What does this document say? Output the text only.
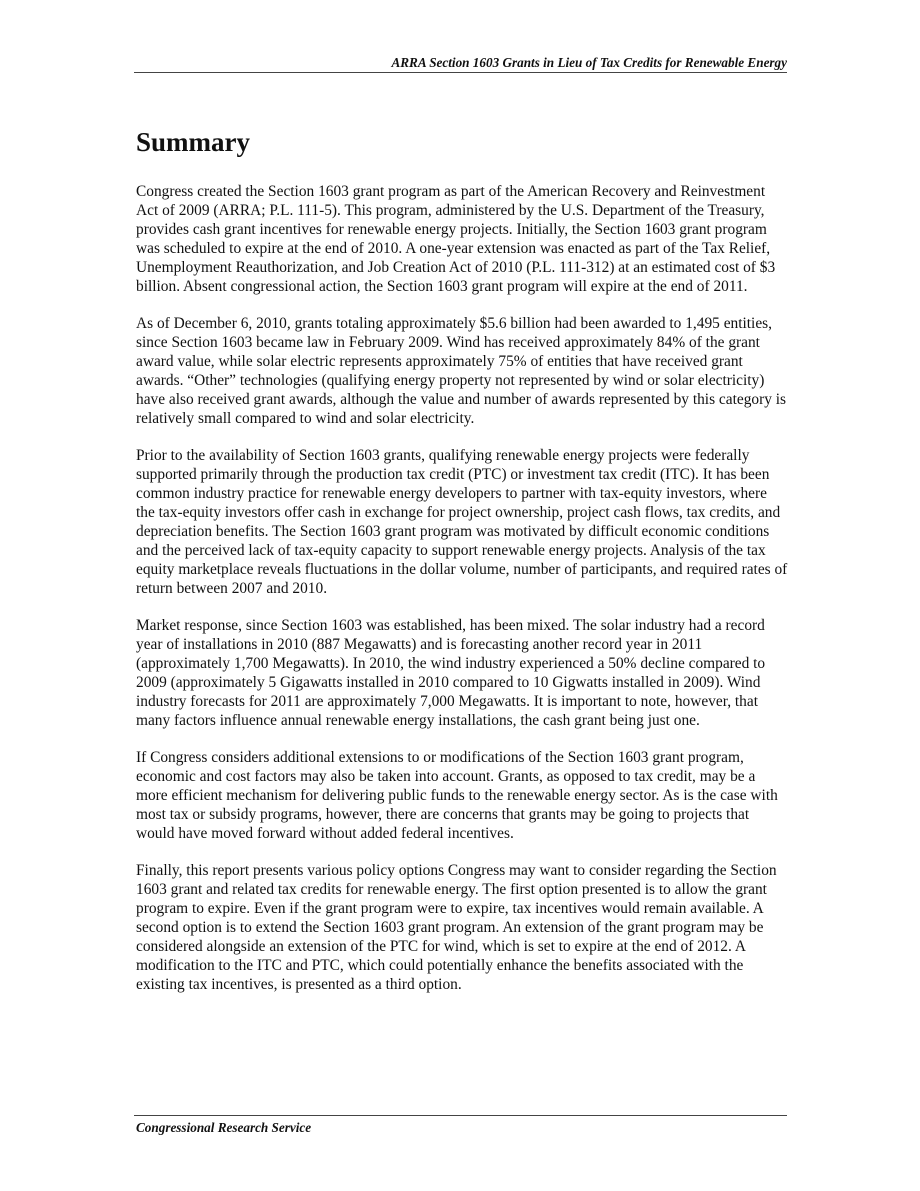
ARRA Section 1603 Grants in Lieu of Tax Credits for Renewable Energy
Summary

Congress created the Section 1603 grant program as part of the American Recovery and Reinvestment Act of 2009 (ARRA; P.L. 111-5). This program, administered by the U.S. Department of the Treasury, provides cash grant incentives for renewable energy projects. Initially, the Section 1603 grant program was scheduled to expire at the end of 2010. A one-year extension was enacted as part of the Tax Relief, Unemployment Reauthorization, and Job Creation Act of 2010 (P.L. 111-312) at an estimated cost of $3 billion. Absent congressional action, the Section 1603 grant program will expire at the end of 2011.

As of December 6, 2010, grants totaling approximately $5.6 billion had been awarded to 1,495 entities, since Section 1603 became law in February 2009. Wind has received approximately 84% of the grant award value, while solar electric represents approximately 75% of entities that have received grant awards. “Other” technologies (qualifying energy property not represented by wind or solar electricity) have also received grant awards, although the value and number of awards represented by this category is relatively small compared to wind and solar electricity.

Prior to the availability of Section 1603 grants, qualifying renewable energy projects were federally supported primarily through the production tax credit (PTC) or investment tax credit (ITC). It has been common industry practice for renewable energy developers to partner with tax-equity investors, where the tax-equity investors offer cash in exchange for project ownership, project cash flows, tax credits, and depreciation benefits. The Section 1603 grant program was motivated by difficult economic conditions and the perceived lack of tax-equity capacity to support renewable energy projects. Analysis of the tax equity marketplace reveals fluctuations in the dollar volume, number of participants, and required rates of return between 2007 and 2010.

Market response, since Section 1603 was established, has been mixed. The solar industry had a record year of installations in 2010 (887 Megawatts) and is forecasting another record year in 2011 (approximately 1,700 Megawatts). In 2010, the wind industry experienced a 50% decline compared to 2009 (approximately 5 Gigawatts installed in 2010 compared to 10 Gigwatts installed in 2009). Wind industry forecasts for 2011 are approximately 7,000 Megawatts. It is important to note, however, that many factors influence annual renewable energy installations, the cash grant being just one.

If Congress considers additional extensions to or modifications of the Section 1603 grant program, economic and cost factors may also be taken into account. Grants, as opposed to tax credit, may be a more efficient mechanism for delivering public funds to the renewable energy sector. As is the case with most tax or subsidy programs, however, there are concerns that grants may be going to projects that would have moved forward without added federal incentives.

Finally, this report presents various policy options Congress may want to consider regarding the Section 1603 grant and related tax credits for renewable energy. The first option presented is to allow the grant program to expire. Even if the grant program were to expire, tax incentives would remain available. A second option is to extend the Section 1603 grant program. An extension of the grant program may be considered alongside an extension of the PTC for wind, which is set to expire at the end of 2012. A modification to the ITC and PTC, which could potentially enhance the benefits associated with the existing tax incentives, is presented as a third option.

Congressional Research Service
